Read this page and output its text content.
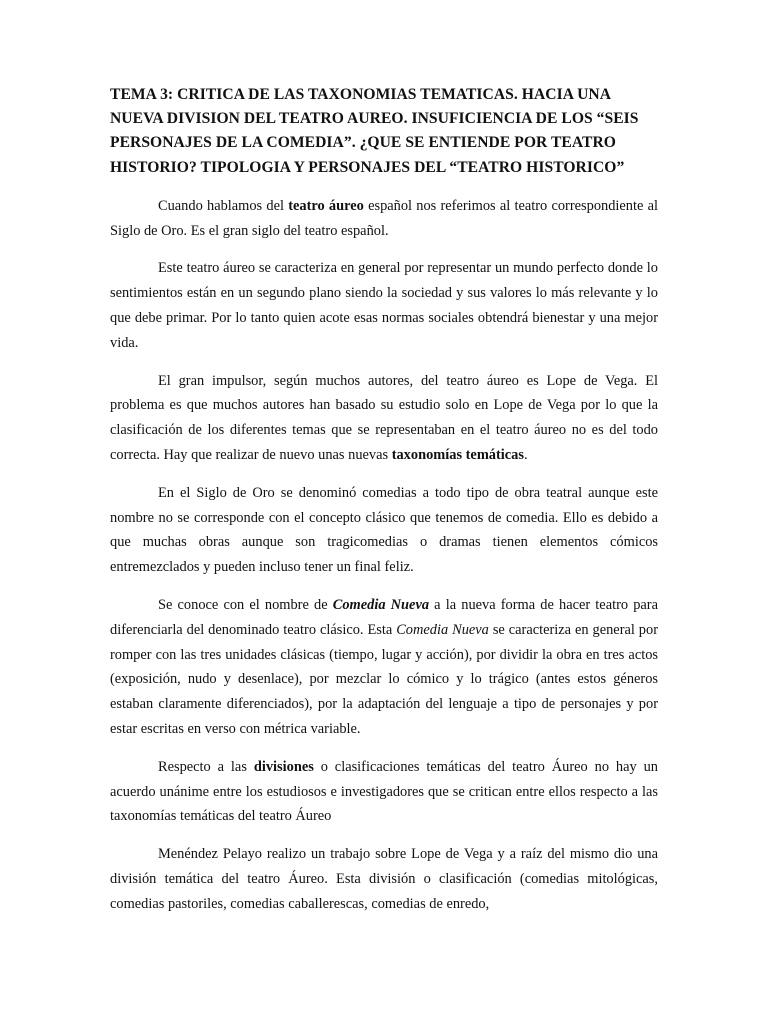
TEMA 3: CRITICA DE LAS TAXONOMIAS TEMATICAS. HACIA UNA NUEVA DIVISION DEL TEATRO AUREO. INSUFICIENCIA DE LOS “SEIS PERSONAJES DE LA COMEDIA”. ¿QUE SE ENTIENDE POR TEATRO HISTORIO? TIPOLOGIA Y PERSONAJES DEL “TEATRO HISTORICO”

Cuando hablamos del teatro áureo español nos referimos al teatro correspondiente al Siglo de Oro. Es el gran siglo del teatro español.

Este teatro áureo se caracteriza en general por representar un mundo perfecto donde lo sentimientos están en un segundo plano siendo la sociedad y sus valores lo más relevante y lo que debe primar. Por lo tanto quien acote esas normas sociales obtendrá bienestar y una mejor vida.

El gran impulsor, según muchos autores, del teatro áureo es Lope de Vega. El problema es que muchos autores han basado su estudio solo en Lope de Vega por lo que la clasificación de los diferentes temas que se representaban en el teatro áureo no es del todo correcta. Hay que realizar de nuevo unas nuevas taxonomías temáticas.

En el Siglo de Oro se denominó comedias a todo tipo de obra teatral aunque este nombre no se corresponde con el concepto clásico que tenemos de comedia. Ello es debido a que muchas obras aunque son tragicomedias o dramas tienen elementos cómicos entremezclados y pueden incluso tener un final feliz.

Se conoce con el nombre de Comedia Nueva a la nueva forma de hacer teatro para diferenciarla del denominado teatro clásico. Esta Comedia Nueva se caracteriza en general por romper con las tres unidades clásicas (tiempo, lugar y acción), por dividir la obra en tres actos (exposición, nudo y desenlace), por mezclar lo cómico y lo trágico (antes estos géneros estaban claramente diferenciados), por la adaptación del lenguaje a tipo de personajes y por estar escritas en verso con métrica variable.

Respecto a las divisiones o clasificaciones temáticas del teatro Áureo no hay un acuerdo unánime entre los estudiosos e investigadores que se critican entre ellos respecto a las taxonomías temáticas del teatro Áureo

Menéndez Pelayo realizo un trabajo sobre Lope de Vega y a raíz del mismo dio una división temática del teatro Áureo. Esta división o clasificación (comedias mitológicas, comedias pastoriles, comedias caballerescas, comedias de enredo,
